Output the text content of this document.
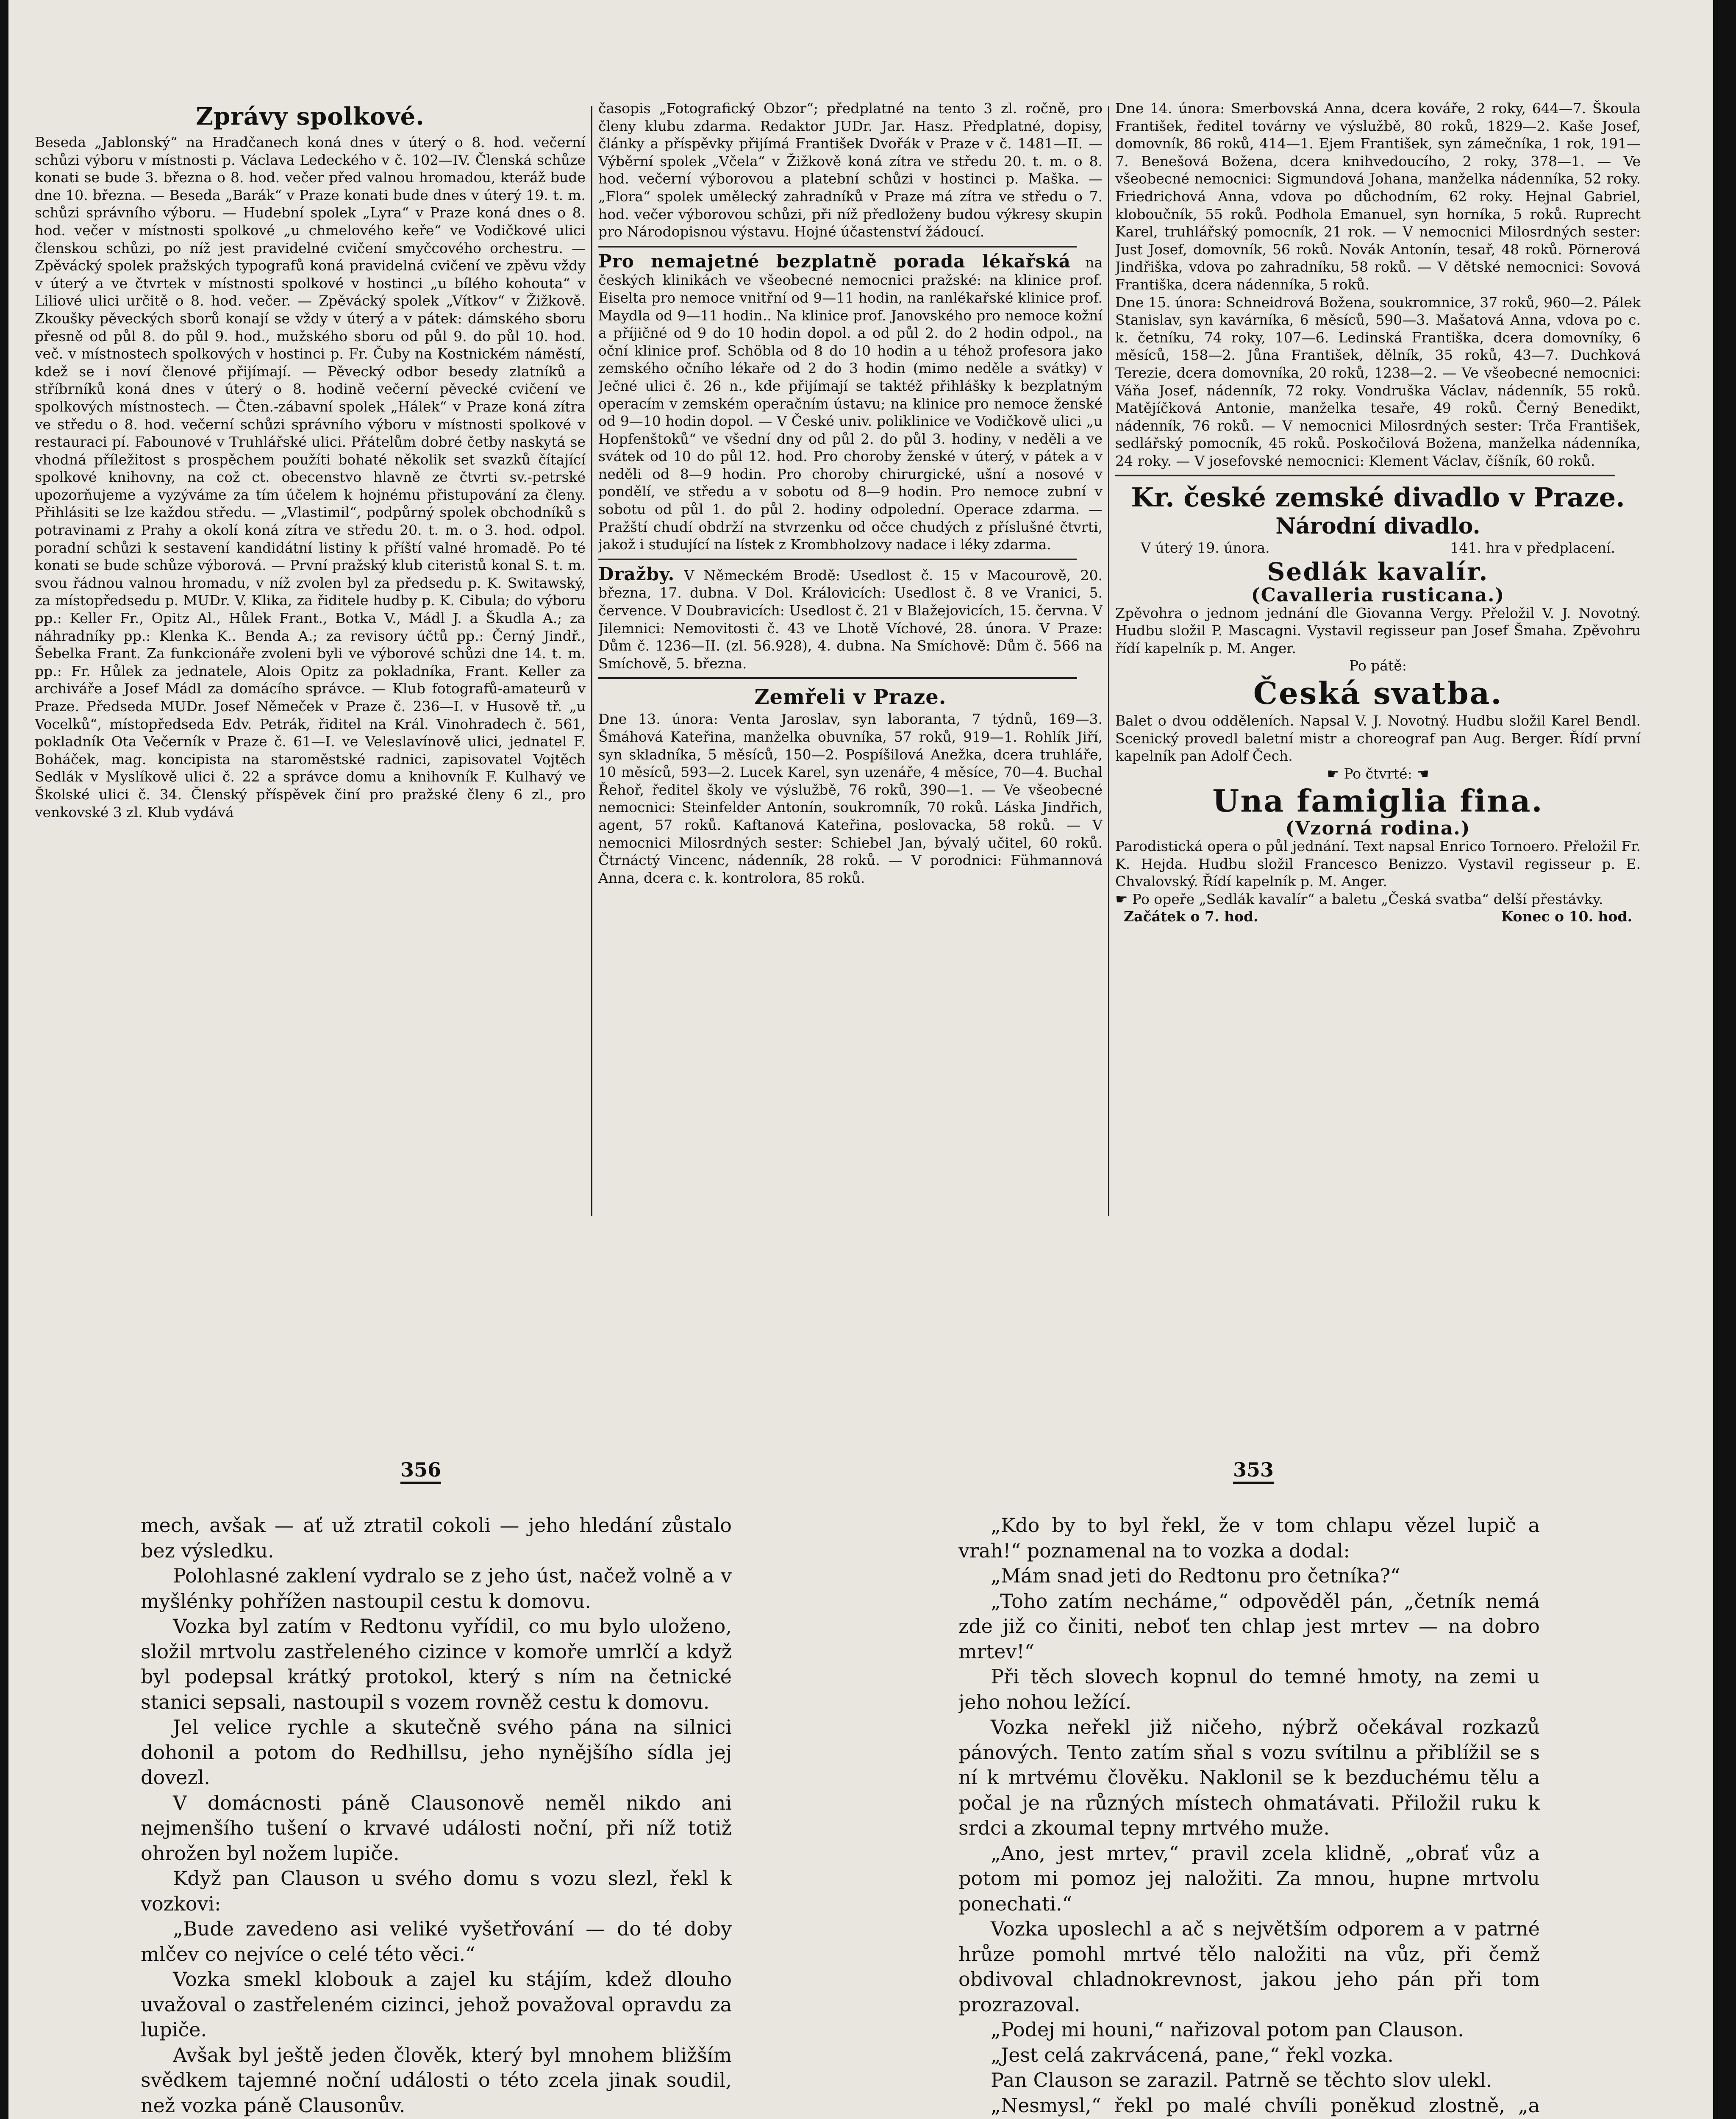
Zprávy spolkové.

Beseda „Jablonský“ na Hradčanech koná dnes v úterý o 8. hod. večerní schůzi výboru v místnosti p. Václava Ledeckého v č. 102—IV. Členská schůze konati se bude 3. března o 8. hod. večer před valnou hromadou, kteráž bude dne 10. března. — Beseda „Barák“ v Praze konati bude dnes v úterý 19. t. m. schůzi správního výboru. — Hudební spolek „Lyra“ v Praze koná dnes o 8. hod. večer v místnosti spolkové „u chmelového keře“ ve Vodičkové ulici členskou schůzi, po níž jest pravidelné cvičení smyčcového orchestru. — Zpěvácký spolek pražských typografů koná pravidelná cvičení ve zpěvu vždy v úterý a ve čtvrtek v místnosti spolkové v hostinci „u bílého kohouta“ v Liliové ulici určitě o 8. hod. večer. — Zpěvácký spolek „Vítkov“ v Žižkově. Zkoušky pěveckých sborů konají se vždy v úterý a v pátek: dámského sboru přesně od půl 8. do půl 9. hod., mužského sboru od půl 9. do půl 10. hod. več. v místnostech spolkových v hostinci p. Fr. Čuby na Kostnickém náměstí, kdež se i noví členové přijímají. — Pěvecký odbor besedy zlatníků a stříbrníků koná dnes v úterý o 8. hodině večerní pěvecké cvičení ve spolkových místnostech. — Čten.-zábavní spolek „Hálek“ v Praze koná zítra ve středu o 8. hod. večerní schůzi správního výboru v místnosti spolkové v restauraci pí. Fabounové v Truhlářské ulici. Přátelům dobré četby naskytá se vhodná příležitost s prospěchem použíti bohaté několik set svazků čítající spolkové knihovny, na což ct. obecenstvo hlavně ze čtvrti sv.-petrské upozorňujeme a vyzýváme za tím účelem k hojnému přistupování za členy. Přihlásiti se lze každou středu. — „Vlastimil“, podpůrný spolek obchodníků s potravinami z Prahy a okolí koná zítra ve středu 20. t. m. o 3. hod. odpol. poradní schůzi k sestavení kandidátní listiny k příští valné hromadě. Po té konati se bude schůze výborová. — První pražský klub citeristů konal S. t. m. svou řádnou valnou hromadu, v níž zvolen byl za předsedu p. K. Switawský, za místopředsedu p. MUDr. V. Klika, za řiditele hudby p. K. Cibula; do výboru pp.: Keller Fr., Opitz Al., Hůlek Frant., Botka V., Mádl J. a Škudla A.; za náhradníky pp.: Klenka K.. Benda A.; za revisory účtů pp.: Černý Jindř., Šebelka Frant. Za funkcionáře zvoleni byli ve výborové schůzi dne 14. t. m. pp.: Fr. Hůlek za jednatele, Alois Opitz za pokladníka, Frant. Keller za archiváře a Josef Mádl za domácího správce. — Klub fotografů-amateurů v Praze. Předseda MUDr. Josef Němeček v Praze č. 236—I. v Husově tř. „u Vocelků“, místopředseda Edv. Petrák, řiditel na Král. Vinohradech č. 561, pokladník Ota Večerník v Praze č. 61—I. ve Veleslavínově ulici, jednatel F. Boháček, mag. koncipista na staroměstské radnici, zapisovatel Vojtěch Sedlák v Myslíkově ulici č. 22 a správce domu a knihovník F. Kulhavý ve Školské ulici č. 34. Členský příspěvek činí pro pražské členy 6 zl., pro venkovské 3 zl. Klub vydává

časopis „Fotografický Obzor“; předplatné na tento 3 zl. ročně, pro členy klubu zdarma. Redaktor JUDr. Jar. Hasz. Předplatné, dopisy, články a příspěvky přijímá František Dvořák v Praze v č. 1481—II. — Výběrní spolek „Včela“ v Žižkově koná zítra ve středu 20. t. m. o 8. hod. večerní výborovou a platební schůzi v hostinci p. Maška. — „Flora“ spolek umělecký zahradníků v Praze má zítra ve středu o 7. hod. večer výborovou schůzi, při níž předloženy budou výkresy skupin pro Národopisnou výstavu. Hojné účastenství žádoucí.

Pro nemajetné bezplatně porada lékařská na českých klinikách ve všeobecné nemocnici pražské: na klinice prof. Eiselta pro nemoce vnitřní od 9—11 hodin, na ranlékařské klinice prof. Maydla od 9—11 hodin.. Na klinice prof. Janovského pro nemoce kožní a příjičné od 9 do 10 hodin dopol. a od půl 2. do 2 hodin odpol., na oční klinice prof. Schöbla od 8 do 10 hodin a u téhož profesora jako zemského očního lékaře od 2 do 3 hodin (mimo neděle a svátky) v Ječné ulici č. 26 n., kde přijímají se taktéž přihlášky k bezplatným operacím v zemském operačním ústavu; na klinice pro nemoce ženské od 9—10 hodin dopol. — V České univ. poliklinice ve Vodičkově ulici „u Hopfenštoků“ ve všední dny od půl 2. do půl 3. hodiny, v neděli a ve svátek od 10 do půl 12. hod. Pro choroby ženské v úterý, v pátek a v neděli od 8—9 hodin. Pro choroby chirurgické, ušní a nosové v pondělí, ve středu a v sobotu od 8—9 hodin. Pro nemoce zubní v sobotu od půl 1. do půl 2. hodiny odpolední. Operace zdarma. — Pražští chudí obdrží na stvrzenku od očce chudých z příslušné čtvrti, jakož i studující na lístek z Krombholzovy nadace i léky zdarma.

Dražby. V Německém Brodě: Usedlost č. 15 v Macourově, 20. března, 17. dubna. V Dol. Královicích: Usedlost č. 8 ve Vranici, 5. července. V Doubravicích: Usedlost č. 21 v Blažejovicích, 15. června. V Jilemnici: Nemovitosti č. 43 ve Lhotě Víchové, 28. února. V Praze: Dům č. 1236—II. (zl. 56.928), 4. dubna. Na Smíchově: Dům č. 566 na Smíchově, 5. března.

Zemřeli v Praze.

Dne 13. února: Venta Jaroslav, syn laboranta, 7 týdnů, 169—3. Šmáhová Kateřina, manželka obuvníka, 57 roků, 919—1. Rohlík Jiří, syn skladníka, 5 měsíců, 150—2. Pospíšilová Anežka, dcera truhláře, 10 měsíců, 593—2. Lucek Karel, syn uzenáře, 4 měsíce, 70—4. Buchal Řehoř, ředitel školy ve výslužbě, 76 roků, 390—1. — Ve všeobecné nemocnici: Steinfelder Antonín, soukromník, 70 roků. Láska Jindřich, agent, 57 roků. Kaftanová Kateřina, poslovacka, 58 roků. — V nemocnici Milosrdných sester: Schiebel Jan, bývalý učitel, 60 roků. Čtrnáctý Vincenc, nádenník, 28 roků. — V porodnici: Fühmannová Anna, dcera c. k. kontrolora, 85 roků.

Dne 14. února: Smerbovská Anna, dcera kováře, 2 roky, 644—7. Škoula František, ředitel továrny ve výslužbě, 80 roků, 1829—2. Kaše Josef, domovník, 86 roků, 414—1. Ejem František, syn zámečníka, 1 rok, 191—7. Benešová Božena, dcera knihvedoucího, 2 roky, 378—1. — Ve všeobecné nemocnici: Sigmundová Johana, manželka nádenníka, 52 roky. Friedrichová Anna, vdova po důchodním, 62 roky. Hejnal Gabriel, kloboučník, 55 roků. Podhola Emanuel, syn horníka, 5 roků. Ruprecht Karel, truhlářský pomocník, 21 rok. — V nemocnici Milosrdných sester: Just Josef, domovník, 56 roků. Novák Antonín, tesař, 48 roků. Pörnerová Jindřiška, vdova po zahradníku, 58 roků. — V dětské nemocnici: Sovová Františka, dcera nádenníka, 5 roků.

Dne 15. února: Schneidrová Božena, soukromnice, 37 roků, 960—2. Pálek Stanislav, syn kavárníka, 6 měsíců, 590—3. Mašatová Anna, vdova po c. k. četníku, 74 roky, 107—6. Ledinská Františka, dcera domovníky, 6 měsíců, 158—2. Jůna František, dělník, 35 roků, 43—7. Duchková Terezie, dcera domovníka, 20 roků, 1238—2. — Ve všeobecné nemocnici: Váňa Josef, nádenník, 72 roky. Vondruška Václav, nádenník, 55 roků. Matějíčková Antonie, manželka tesaře, 49 roků. Černý Benedikt, nádenník, 76 roků. — V nemocnici Milosrdných sester: Trča František, sedlářský pomocník, 45 roků. Poskočilová Božena, manželka nádenníka, 24 roky. — V josefovské nemocnici: Klement Václav, číšník, 60 roků.

Kr. české zemské divadlo v Praze.
Národní divadlo.
V úterý 19. února.	141. hra v předplacení.
Sedlák kavalír.
(Cavalleria rusticana.)

Zpěvohra o jednom jednání dle Giovanna Vergy. Přeložil V. J. Novotný. Hudbu složil P. Mascagni. Vystavil regisseur pan Josef Šmaha. Zpěvohru řídí kapelník p. M. Anger.

Po pátě:
Česká svatba.

Balet o dvou odděleních. Napsal V. J. Novotný. Hudbu složil Karel Bendl. Scenický provedl baletní mistr a choreograf pan Aug. Berger. Řídí první kapelník pan Adolf Čech.

☛ Po čtvrté: ☚
Una famiglia fina.
(Vzorná rodina.)

Parodistická opera o půl jednání. Text napsal Enrico Tornoero. Přeložil Fr. K. Hejda. Hudbu složil Francesco Benizzo. Vystavil regisseur p. E. Chvalovský. Řídí kapelník p. M. Anger.

☛ Po opeře „Sedlák kavalír“ a baletu „Česká svatba“ delší přestávky.

Začátek o 7. hod.	Konec o 10. hod.
356	353

mech, avšak — ať už ztratil cokoli — jeho hledání zůstalo bez výsledku.

Polohlasné zaklení vydralo se z jeho úst, načež volně a v myšlénky pohřížen nastoupil cestu k domovu.

Vozka byl zatím v Redtonu vyřídil, co mu bylo uloženo, složil mrtvolu zastřeleného cizince v komoře umrlčí a když byl podepsal krátký protokol, který s ním na četnické stanici sepsali, nastoupil s vozem rovněž cestu k domovu.

Jel velice rychle a skutečně svého pána na silnici dohonil a potom do Redhillsu, jeho nynějšího sídla jej dovezl.

V domácnosti páně Clausonově neměl nikdo ani nejmenšího tušení o krvavé události noční, při níž totiž ohrožen byl nožem lupiče.

Když pan Clauson u svého domu s vozu slezl, řekl k vozkovi:

„Bude zavedeno asi veliké vyšetřování — do té doby mlčev co nejvíce o celé této věci.“

Vozka smekl klobouk a zajel ku stájím, kdež dlouho uvažoval o zastřeleném cizinci, jehož považoval opravdu za lupiče.

Avšak byl ještě jeden člověk, který byl mnohem bližším svědkem tajemné noční události o této zcela jinak soudil, než vozka páně Clausonův.

„Kdo by to byl řekl, že v tom chlapu vězel lupič a vrah!“ poznamenal na to vozka a dodal:

„Mám snad jeti do Redtonu pro četníka?“

„Toho zatím necháme,“ odpověděl pán, „četník nemá zde již co činiti, neboť ten chlap jest mrtev — na dobro mrtev!“

Při těch slovech kopnul do temné hmoty, na zemi u jeho nohou ležící.

Vozka neřekl již ničeho, nýbrž očekával rozkazů pánových. Tento zatím sňal s vozu svítilnu a přiblížil se s ní k mrtvému člověku. Naklonil se k bezduchému tělu a počal je na různých místech ohmatávati. Přiložil ruku k srdci a zkoumal tepny mrtvého muže.

„Ano, jest mrtev,“ pravil zcela klidně, „obrať vůz a potom mi pomoz jej naložiti. Za mnou, hupne mrtvolu ponechati.“

Vozka uposlechl a ač s největším odporem a v patrné hrůze pomohl mrtvé tělo naložiti na vůz, při čemž obdivoval chladnokrevnost, jakou jeho pán při tom prozrazoval.

„Podej mi houni,“ nařizoval potom pan Clauson.

„Jest celá zakrvácená, pane,“ řekl vozka.

Pan Clauson se zarazil. Patrně se těchto slov ulekl.

„Nesmysl,“ řekl po malé chvíli poněkud zlostně, „a
